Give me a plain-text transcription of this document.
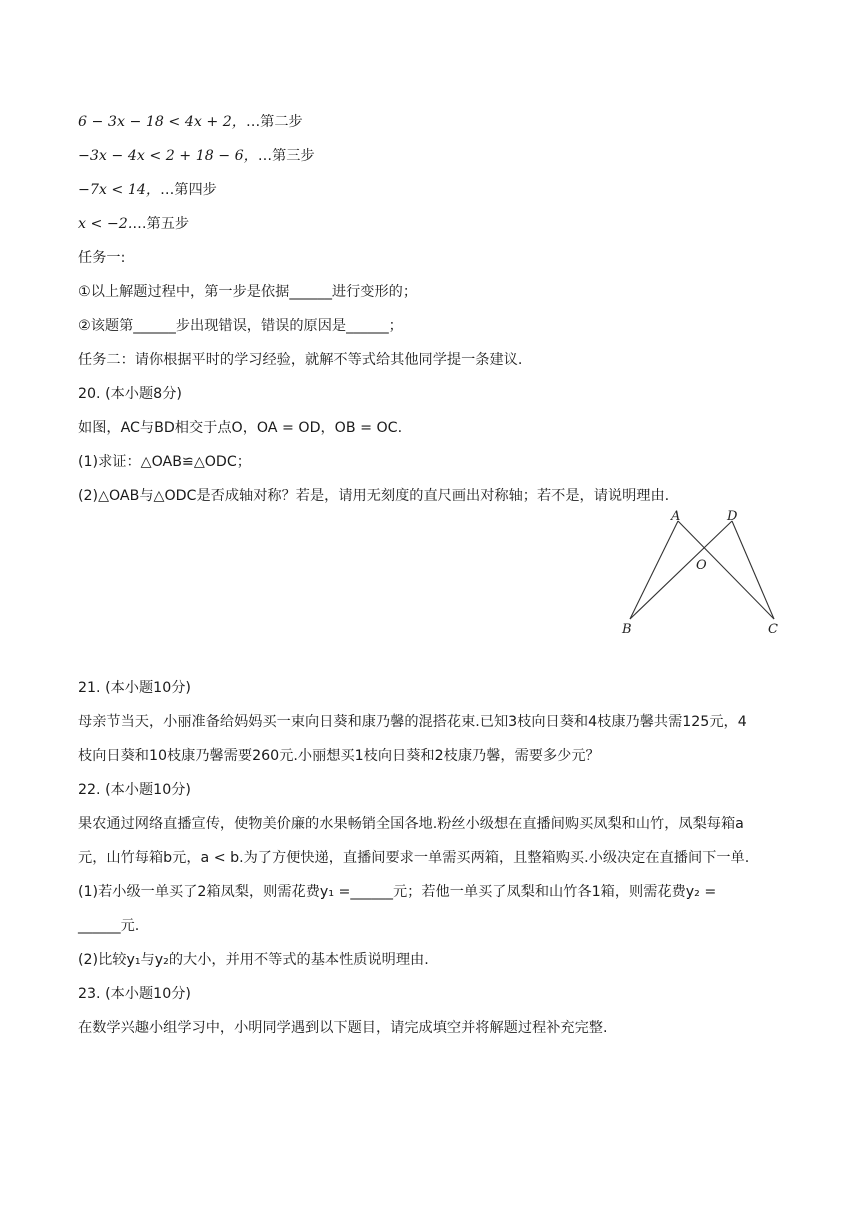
6 − 3x − 18 < 4x + 2，…第二步
−3x − 4x < 2 + 18 − 6，…第三步
−7x < 14，…第四步
x < −2.…第五步
任务一:
①以上解题过程中，第一步是依据______进行变形的；
②该题第______步出现错误，错误的原因是______；
任务二：请你根据平时的学习经验，就解不等式给其他同学提一条建议.
20. (本小题8分)
如图，AC与BD相交于点O，OA = OD，OB = OC.
(1)求证：△OAB≌△ODC；
(2)△OAB与△ODC是否成轴对称？若是，请用无刻度的直尺画出对称轴；若不是，请说明理由.
A	D
O
B	C
21. (本小题10分)
母亲节当天，小丽准备给妈妈买一束向日葵和康乃馨的混搭花束.已知3枝向日葵和4枝康乃馨共需125元，4
枝向日葵和10枝康乃馨需要260元.小丽想买1枝向日葵和2枝康乃馨，需要多少元？
22. (本小题10分)
果农通过网络直播宣传，使物美价廉的水果畅销全国各地.粉丝小级想在直播间购买凤梨和山竹，凤梨每箱a
元，山竹每箱b元，a < b.为了方便快递，直播间要求一单需买两箱，且整箱购买.小级决定在直播间下一单.
(1)若小级一单买了2箱凤梨，则需花费y₁ =______元；若他一单买了凤梨和山竹各1箱，则需花费y₂ =
______元.
(2)比较y₁与y₂的大小，并用不等式的基本性质说明理由.
23. (本小题10分)
在数学兴趣小组学习中，小明同学遇到以下题目，请完成填空并将解题过程补充完整.
